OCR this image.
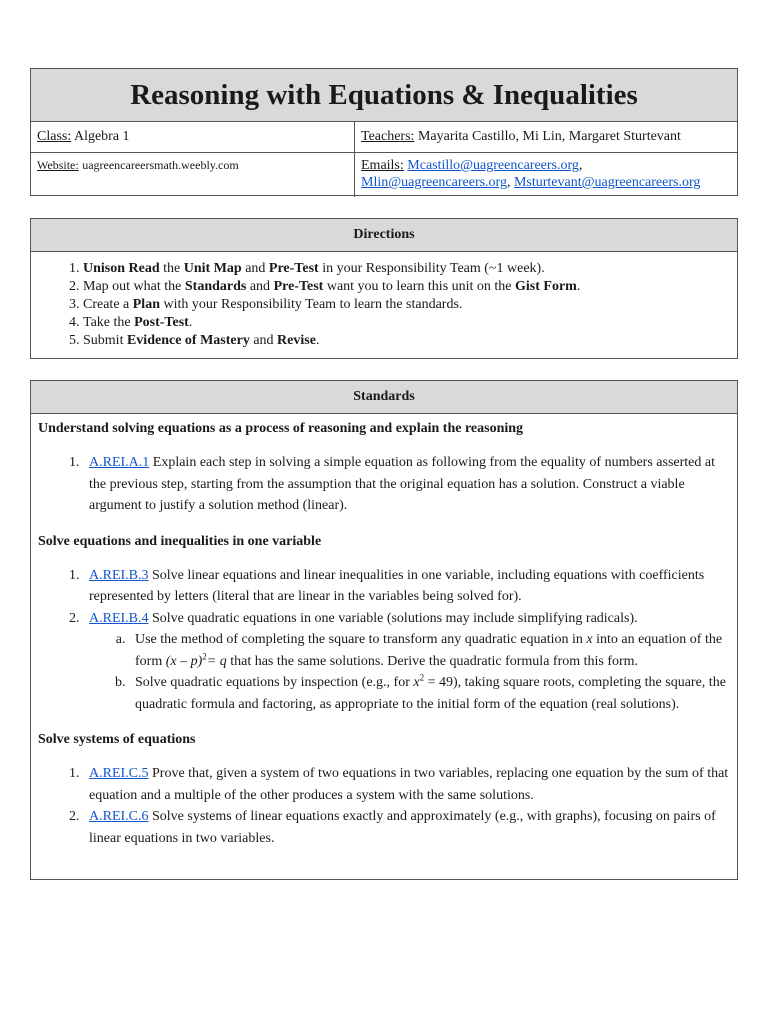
Reasoning with Equations & Inequalities
Class: Algebra 1	Teachers: Mayarita Castillo, Mi Lin, Margaret Sturtevant
Website: uagreencareersmath.weebly.com	Emails: Mcastillo@uagreencareers.org,
Mlin@uagreencareers.org, Msturtevant@uagreencareers.org
Directions
1. Unison Read the Unit Map and Pre-Test in your Responsibility Team (~1 week).
2. Map out what the Standards and Pre-Test want you to learn this unit on the Gist Form.
3. Create a Plan with your Responsibility Team to learn the standards.
4. Take the Post-Test.
5. Submit Evidence of Mastery and Revise.
Standards

Understand solving equations as a process of reasoning and explain the reasoning

1. A.REI.A.1 Explain each step in solving a simple equation as following from the equality of numbers asserted at the previous step, starting from the assumption that the original equation has a solution. Construct a viable argument to justify a solution method (linear).

Solve equations and inequalities in one variable

1. A.REI.B.3 Solve linear equations and linear inequalities in one variable, including equations with coefficients represented by letters (literal that are linear in the variables being solved for).
2. A.REI.B.4 Solve quadratic equations in one variable (solutions may include simplifying radicals).
a. Use the method of completing the square to transform any quadratic equation in x into an equation of the form (x – p)$^2$= q that has the same solutions. Derive the quadratic formula from this form.
b. Solve quadratic equations by inspection (e.g., for $x^2 = 49$), taking square roots, completing the square, the quadratic formula and factoring, as appropriate to the initial form of the equation (real solutions).

Solve systems of equations

1. A.REI.C.5 Prove that, given a system of two equations in two variables, replacing one equation by the sum of that equation and a multiple of the other produces a system with the same solutions.
2. A.REI.C.6 Solve systems of linear equations exactly and approximately (e.g., with graphs), focusing on pairs of linear equations in two variables.
